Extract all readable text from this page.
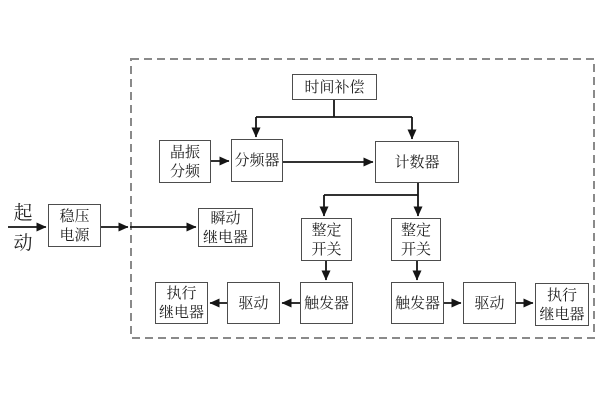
起
动
时间补偿
晶振
分频
分频器	计数器
稳压
电源
瞬动
继电器	整定
开关
整定
开关
触发器	触发器
驱动	驱动
执行
继电器
执行
继电器
